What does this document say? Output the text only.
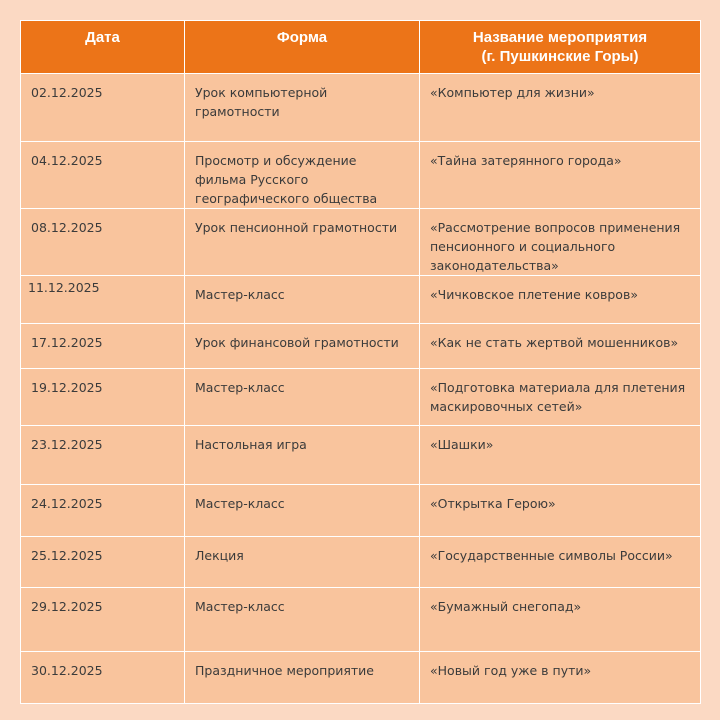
Дата	Форма	Название мероприятия
(г. Пушкинские Горы)

02.12.2025	Урок компьютерной грамотности	«Компьютер для жизни»
04.12.2025	Просмотр и обсуждение фильма Русского географического общества	«Тайна затерянного города»
08.12.2025	Урок пенсионной грамотности	«Рассмотрение вопросов применения пенсионного и социального законодательства»
11.12.2025	Мастер-класс	«Чичковское плетение ковров»
17.12.2025	Урок финансовой грамотности	«Как не стать жертвой мошенников»
19.12.2025	Мастер-класс	«Подготовка материала для плетения маскировочных сетей»
23.12.2025	Настольная игра	«Шашки»
24.12.2025	Мастер-класс	«Открытка Герою»
25.12.2025	Лекция	«Государственные символы России»
29.12.2025	Мастер-класс	«Бумажный снегопад»
30.12.2025	Праздничное мероприятие	«Новый год уже в пути»
